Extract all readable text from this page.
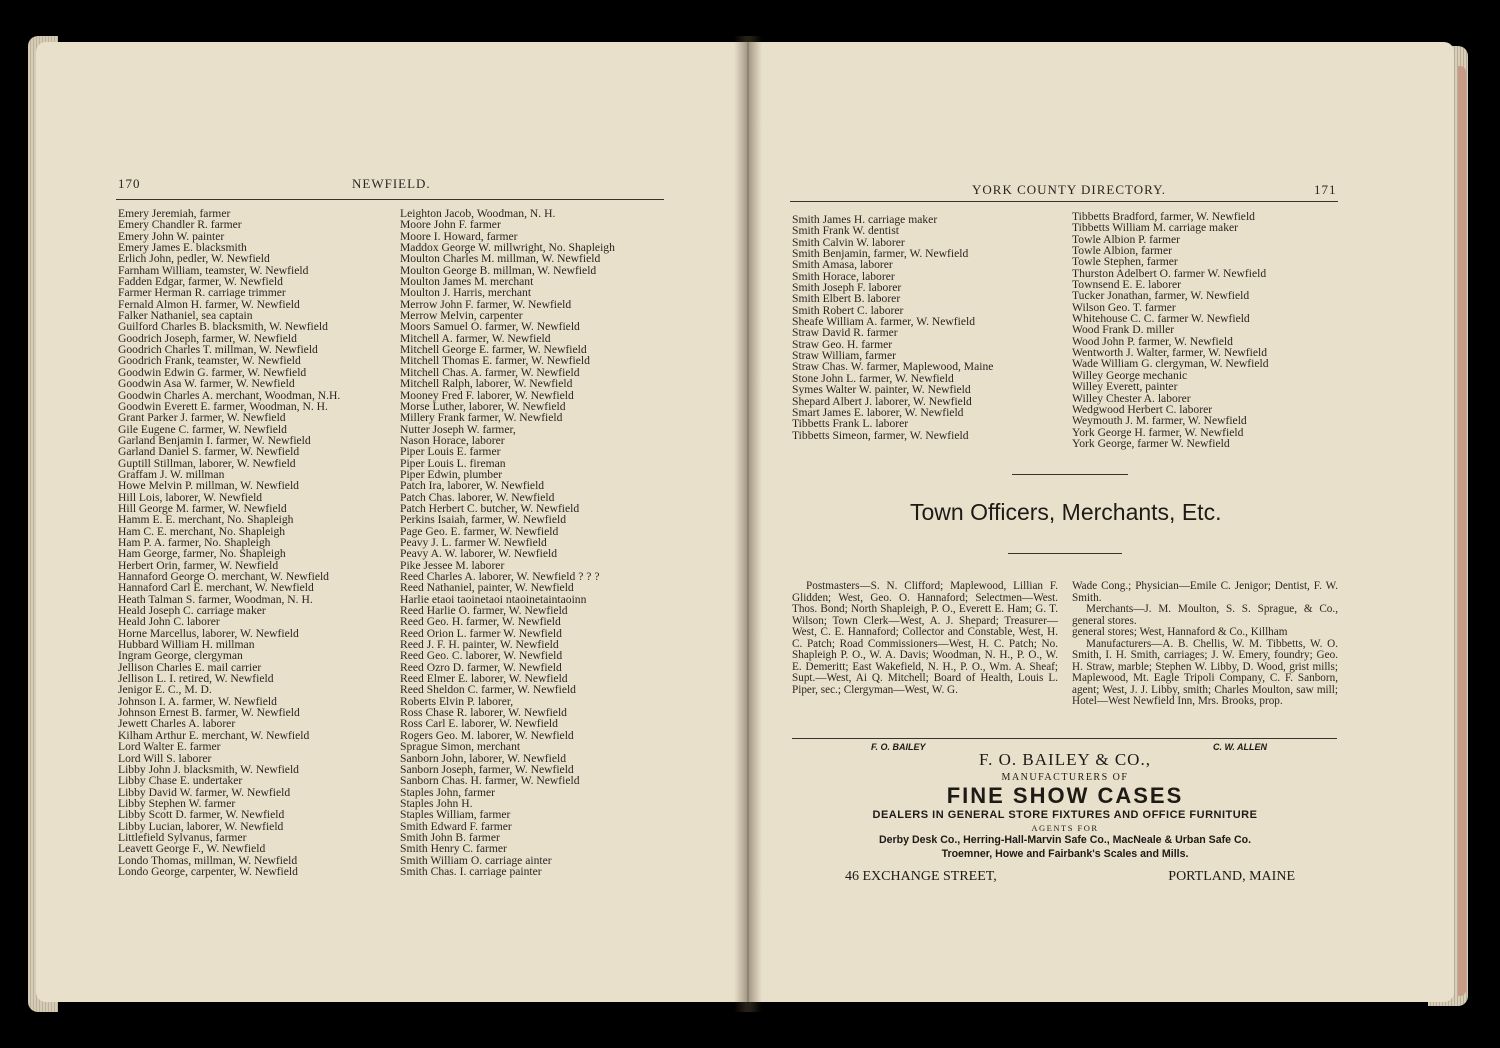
170	NEWFIELD.
Emery Jeremiah, farmer
Emery Chandler R. farmer
Emery John W. painter
Emery James E. blacksmith
Erlich John, pedler, W. Newfield
Farnham William, teamster, W. Newfield
Fadden Edgar, farmer, W. Newfield
Farmer Herman R. carriage trimmer
Fernald Almon H. farmer, W. Newfield
Falker Nathaniel, sea captain
Guilford Charles B. blacksmith, W. Newfield
Goodrich Joseph, farmer, W. Newfield
Goodrich Charles T. millman, W. Newfield
Goodrich Frank, teamster, W. Newfield
Goodwin Edwin G. farmer, W. Newfield
Goodwin Asa W. farmer, W. Newfield
Goodwin Charles A. merchant, Woodman, N.H.
Goodwin Everett E. farmer, Woodman, N. H.
Grant Parker J. farmer, W. Newfield
Gile Eugene C. farmer, W. Newfield
Garland Benjamin I. farmer, W. Newfield
Garland Daniel S. farmer, W. Newfield
Guptill Stillman, laborer, W. Newfield
Graffam J. W. millman
Howe Melvin P. millman, W. Newfield
Hill Lois, laborer, W. Newfield
Hill George M. farmer, W. Newfield
Hamm E. E. merchant, No. Shapleigh
Ham C. E. merchant, No. Shapleigh
Ham P. A. farmer, No. Shapleigh
Ham George, farmer, No. Shapleigh
Herbert Orin, farmer, W. Newfield
Hannaford George O. merchant, W. Newfield
Hannaford Carl E. merchant, W. Newfield
Heath Talman S. farmer, Woodman, N. H.
Heald Joseph C. carriage maker
Heald John C. laborer
Horne Marcellus, laborer, W. Newfield
Hubbard William H. millman
Ingram George, clergyman
Jellison Charles E. mail carrier
Jellison L. I. retired, W. Newfield
Jenigor E. C., M. D.
Johnson I. A. farmer, W. Newfield
Johnson Ernest B. farmer, W. Newfield
Jewett Charles A. laborer
Kilham Arthur E. merchant, W. Newfield
Lord Walter E. farmer
Lord Will S. laborer
Libby John J. blacksmith, W. Newfield
Libby Chase E. undertaker
Libby David W. farmer, W. Newfield
Libby Stephen W. farmer
Libby Scott D. farmer, W. Newfield
Libby Lucian, laborer, W. Newfield
Littlefield Sylvanus, farmer
Leavett George F., W. Newfield
Londo Thomas, millman, W. Newfield
Londo George, carpenter, W. Newfield
Leighton Jacob, Woodman, N. H.
Moore John F. farmer
Moore I. Howard, farmer
Maddox George W. millwright, No. Shapleigh
Moulton Charles M. millman, W. Newfield
Moulton George B. millman, W. Newfield
Moulton James M. merchant
Moulton J. Harris, merchant
Merrow John F. farmer, W. Newfield
Merrow Melvin, carpenter
Moors Samuel O. farmer, W. Newfield
Mitchell A. farmer, W. Newfield
Mitchell George E. farmer, W. Newfield
Mitchell Thomas E. farmer, W. Newfield
Mitchell Chas. A. farmer, W. Newfield
Mitchell Ralph, laborer, W. Newfield
Mooney Fred F. laborer, W. Newfield
Morse Luther, laborer, W. Newfield
Millery Frank farmer, W. Newfield
Nutter Joseph W. farmer,
Nason Horace, laborer
Piper Louis E. farmer
Piper Louis L. fireman
Piper Edwin, plumber
Patch Ira, laborer, W. Newfield
Patch Chas. laborer, W. Newfield
Patch Herbert C. butcher, W. Newfield
Perkins Isaiah, farmer, W. Newfield
Page Geo. E. farmer, W. Newfield
Peavy J. L. farmer W. Newfield
Peavy A. W. laborer, W. Newfield
Pike Jessee M. laborer
Reed Charles A. laborer, W. Newfield ? ? ?
Reed Nathaniel, painter, W. Newfield
Harlie etaoi taoinetaoi ntaoinetaintaoinn
Reed Harlie O. farmer, W. Newfield
Reed Geo. H. farmer, W. Newfield
Reed Orion L. farmer W. Newfield
Reed J. F. H. painter, W. Newfield
Reed Geo. C. laborer, W. Newfield
Reed Ozro D. farmer, W. Newfield
Reed Elmer E. laborer, W. Newfield
Reed Sheldon C. farmer, W. Newfield
Roberts Elvin P. laborer,
Ross Chase R. laborer, W. Newfield
Ross Carl E. laborer, W. Newfield
Rogers Geo. M. laborer, W. Newfield
Sprague Simon, merchant
Sanborn John, laborer, W. Newfield
Sanborn Joseph, farmer, W. Newfield
Sanborn Chas. H. farmer, W. Newfield
Staples John, farmer
Staples John H.
Staples William, farmer
Smith Edward F. farmer
Smith John B. farmer
Smith Henry C. farmer
Smith William O. carriage ainter
Smith Chas. I. carriage painter
YORK COUNTY DIRECTORY.	171
Smith James H. carriage maker
Smith Frank W. dentist
Smith Calvin W. laborer
Smith Benjamin, farmer, W. Newfield
Smith Amasa, laborer
Smith Horace, laborer
Smith Joseph F. laborer
Smith Elbert B. laborer
Smith Robert C. laborer
Sheafe William A. farmer, W. Newfield
Straw David R. farmer
Straw Geo. H. farmer
Straw William, farmer
Straw Chas. W. farmer, Maplewood, Maine
Stone John L. farmer, W. Newfield
Symes Walter W. painter, W. Newfield
Shepard Albert J. laborer, W. Newfield
Smart James E. laborer, W. Newfield
Tibbetts Frank L. laborer
Tibbetts Simeon, farmer, W. Newfield
Tibbetts Bradford, farmer, W. Newfield
Tibbetts William M. carriage maker
Towle Albion P. farmer
Towle Albion, farmer
Towle Stephen, farmer
Thurston Adelbert O. farmer W. Newfield
Townsend E. E. laborer
Tucker Jonathan, farmer, W. Newfield
Wilson Geo. T. farmer
Whitehouse C. C. farmer W. Newfield
Wood Frank D. miller
Wood John P. farmer, W. Newfield
Wentworth J. Walter, farmer, W. Newfield
Wade William G. clergyman, W. Newfield
Willey George mechanic
Willey Everett, painter
Willey Chester A. laborer
Wedgwood Herbert C. laborer
Weymouth J. M. farmer, W. Newfield
York George H. farmer, W. Newfield
York George, farmer W. Newfield
Town Officers, Merchants, Etc.
Postmasters—S. N. Clifford; Maplewood, Lillian F. Glidden; West, Geo. O. Hannaford; Selectmen—West. Thos. Bond; North Shapleigh, P. O., Everett E. Ham; G. T. Wilson; Town Clerk—West, A. J. Shepard; Treasurer—West, C. E. Hannaford; Collector and Constable, West, H. C. Patch; Road Commissioners—West, H. C. Patch; No. Shapleigh P. O., W. A. Davis; Woodman, N. H., P. O., W. E. Demeritt; East Wakefield, N. H., P. O., Wm. A. Sheaf; Supt.—West, Ai Q. Mitchell; Board of Health, Louis L. Piper, sec.; Clergyman—West, W. G.
Wade Cong.; Physician—Emile C. Jenigor; Dentist, F. W. Smith.
Merchants—J. M. Moulton, S. S. Sprague, & Co., general stores.
general stores; West, Hannaford & Co., Killham
Manufacturers—A. B. Chellis, W. M. Tibbetts, W. O. Smith, I. H. Smith, carriages; J. W. Emery, foundry; Geo. H. Straw, marble; Stephen W. Libby, D. Wood, grist mills; Maplewood, Mt. Eagle Tripoli Company, C. F. Sanborn, agent; West, J. J. Libby, smith; Charles Moulton, saw mill; Hotel—West Newfield Inn, Mrs. Brooks, prop.
F. O. BAILEY	C. W. ALLEN
F. O. BAILEY & CO.,
MANUFACTURERS OF
FINE SHOW CASES
DEALERS IN GENERAL STORE FIXTURES AND OFFICE FURNITURE
AGENTS FOR
Derby Desk Co., Herring-Hall-Marvin Safe Co., MacNeale & Urban Safe Co.
Troemner, Howe and Fairbank's Scales and Mills.
46 EXCHANGE STREET,	PORTLAND, MAINE
